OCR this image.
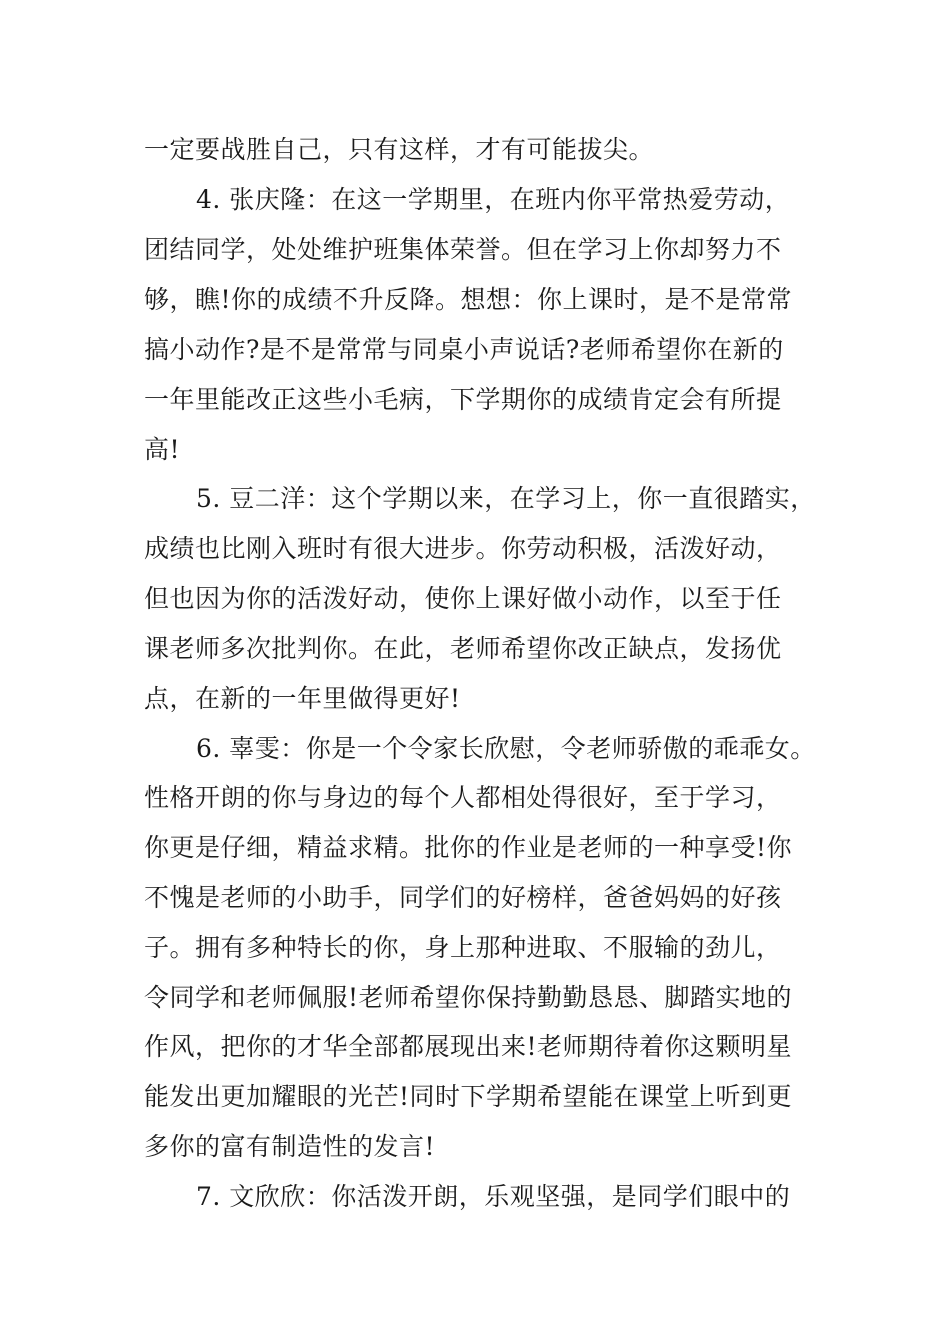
一定要战胜自己，只有这样，才有可能拔尖。
4. 张庆隆：在这一学期里，在班内你平常热爱劳动，
团结同学，处处维护班集体荣誉。但在学习上你却努力不
够，瞧!你的成绩不升反降。想想：你上课时，是不是常常
搞小动作?是不是常常与同桌小声说话?老师希望你在新的
一年里能改正这些小毛病，下学期你的成绩肯定会有所提
高!
5. 豆二洋：这个学期以来，在学习上，你一直很踏实，
成绩也比刚入班时有很大进步。你劳动积极，活泼好动，
但也因为你的活泼好动，使你上课好做小动作，以至于任
课老师多次批判你。在此，老师希望你改正缺点，发扬优
点，在新的一年里做得更好!
6. 辜雯：你是一个令家长欣慰，令老师骄傲的乖乖女。
性格开朗的你与身边的每个人都相处得很好，至于学习，
你更是仔细，精益求精。批你的作业是老师的一种享受!你
不愧是老师的小助手，同学们的好榜样，爸爸妈妈的好孩
子。拥有多种特长的你，身上那种进取、不服输的劲儿，
令同学和老师佩服!老师希望你保持勤勤恳恳、脚踏实地的
作风，把你的才华全部都展现出来!老师期待着你这颗明星
能发出更加耀眼的光芒!同时下学期希望能在课堂上听到更
多你的富有制造性的发言!
7. 文欣欣：你活泼开朗，乐观坚强，是同学们眼中的
